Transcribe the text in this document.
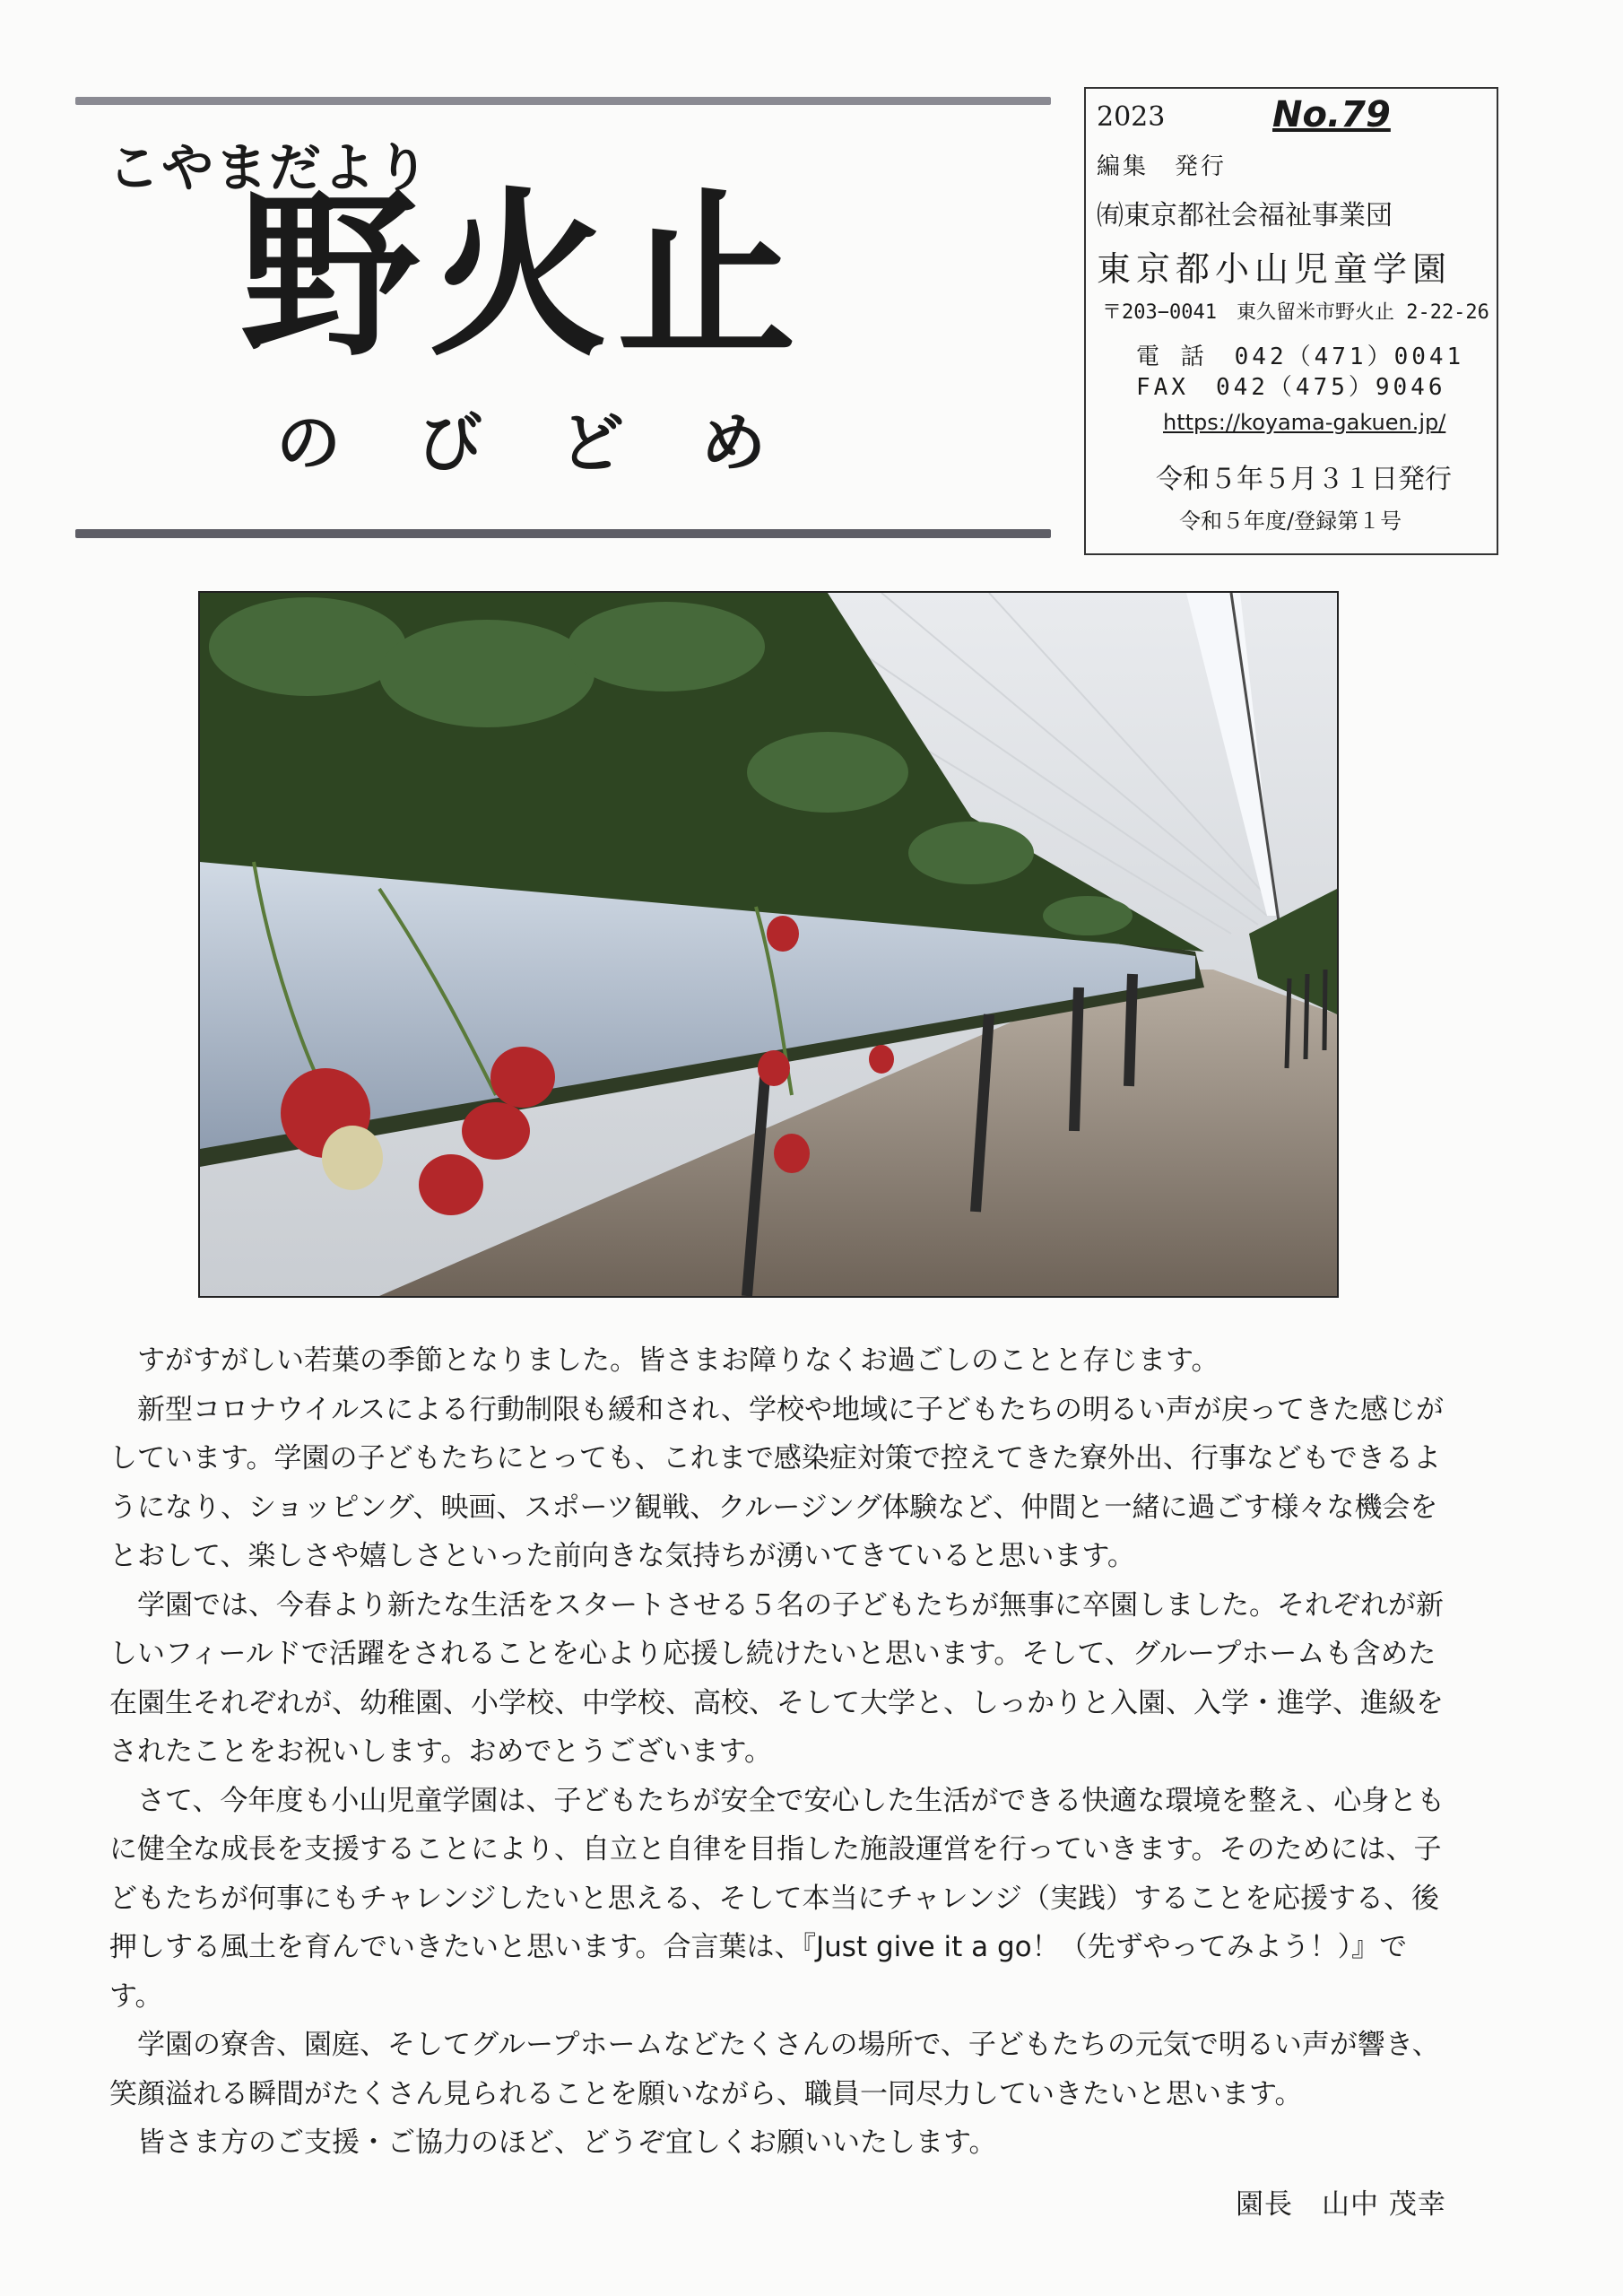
こやまだより
野火止
のびどめ
2023	No.79
編集　発行
㈲東京都社会福祉事業団
東京都小山児童学園
〒203−0041　東久留米市野火止 2-22-26
電 話　042（471）0041
FAX　042（475）9046
https://koyama-gakuen.jp/
令和５年５月３１日発行
令和５年度/登録第１号

すがすがしい若葉の季節となりました。皆さまお障りなくお過ごしのことと存じます。

新型コロナウイルスによる行動制限も緩和され、学校や地域に子どもたちの明るい声が戻ってきた感じがしています。学園の子どもたちにとっても、これまで感染症対策で控えてきた寮外出、行事などもできるようになり、ショッピング、映画、スポーツ観戦、クルージング体験など、仲間と一緒に過ごす様々な機会をとおして、楽しさや嬉しさといった前向きな気持ちが湧いてきていると思います。

学園では、今春より新たな生活をスタートさせる５名の子どもたちが無事に卒園しました。それぞれが新しいフィールドで活躍をされることを心より応援し続けたいと思います。そして、グループホームも含めた在園生それぞれが、幼稚園、小学校、中学校、高校、そして大学と、しっかりと入園、入学・進学、進級をされたことをお祝いします。おめでとうございます。

さて、今年度も小山児童学園は、子どもたちが安全で安心した生活ができる快適な環境を整え、心身ともに健全な成長を支援することにより、自立と自律を目指した施設運営を行っていきます。そのためには、子どもたちが何事にもチャレンジしたいと思える、そして本当にチャレンジ（実践）することを応援する、後押しする風土を育んでいきたいと思います。合言葉は、『Just give it a go！（先ずやってみよう！）』です。

学園の寮舎、園庭、そしてグループホームなどたくさんの場所で、子どもたちの元気で明るい声が響き、笑顔溢れる瞬間がたくさん見られることを願いながら、職員一同尽力していきたいと思います。

皆さま方のご支援・ご協力のほど、どうぞ宜しくお願いいたします。

園長　山中 茂幸
